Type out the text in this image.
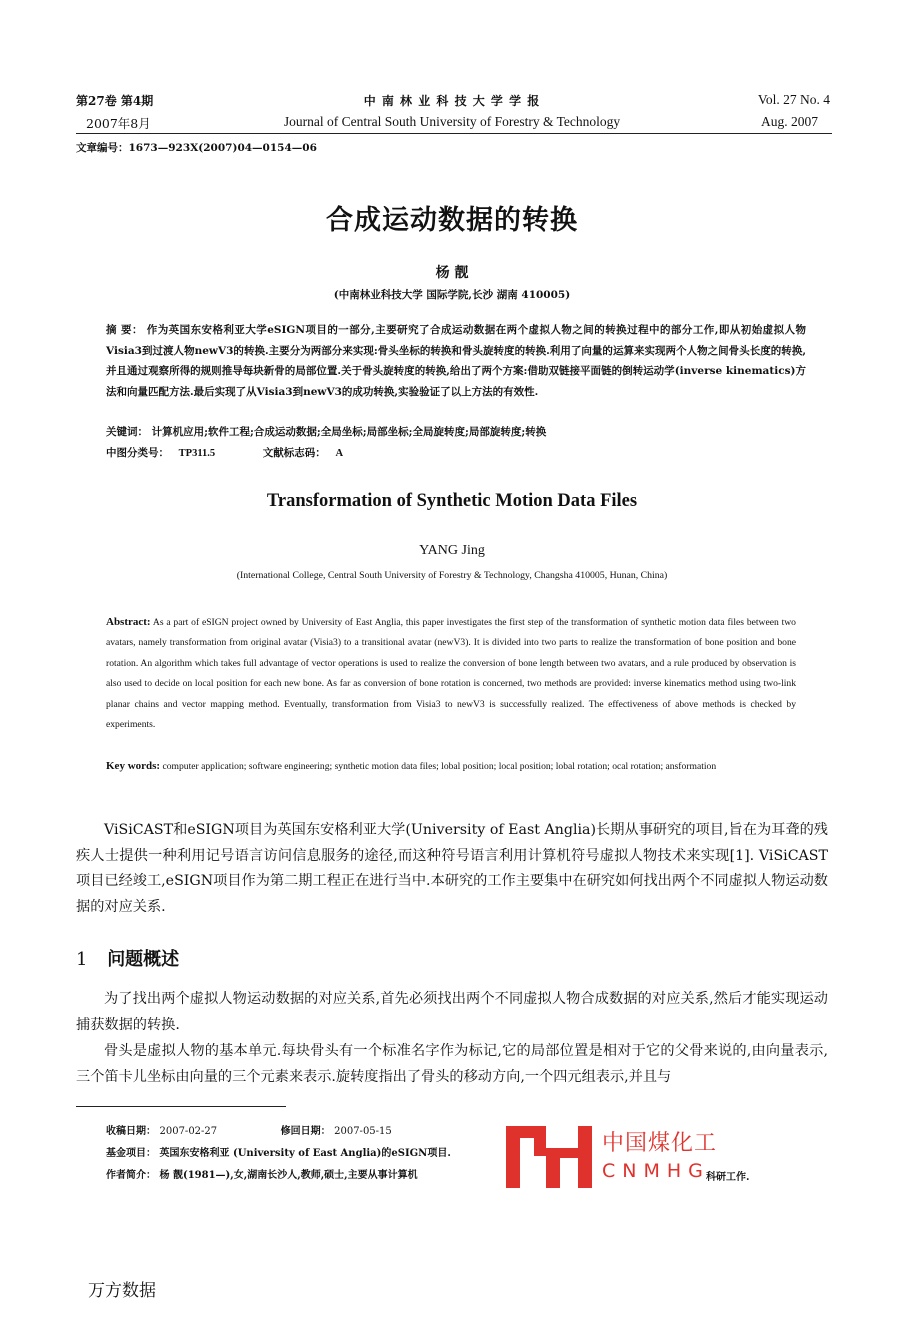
第27卷 第4期
2007年8月
中 南 林 业 科 技 大 学 学 报
Journal of Central South University of Forestry & Technology
Vol. 27 No. 4
Aug. 2007
文章编号：1673—923X(2007)04—0154—06
合成运动数据的转换
杨 靓
(中南林业科技大学 国际学院,长沙 湖南 410005)
摘 要： 作为英国东安格利亚大学eSIGN项目的一部分,主要研究了合成运动数据在两个虚拟人物之间的转换过程中的部分工作,即从初始虚拟人物Visia3到过渡人物newV3的转换.主要分为两部分来实现:骨头坐标的转换和骨头旋转度的转换.利用了向量的运算来实现两个人物之间骨头长度的转换,并且通过观察所得的规则推导每块新骨的局部位置.关于骨头旋转度的转换,给出了两个方案:借助双链接平面链的倒转运动学(inverse kinematics)方法和向量匹配方法.最后实现了从Visia3到newV3的成功转换,实验验证了以上方法的有效性.
关键词： 计算机应用;软件工程;合成运动数据;全局坐标;局部坐标;全局旋转度;局部旋转度;转换
中图分类号： TP311.5	文献标志码： A
Transformation of Synthetic Motion Data Files
YANG Jing
(International College, Central South University of Forestry & Technology, Changsha 410005, Hunan, China)
Abstract: As a part of eSIGN project owned by University of East Anglia, this paper investigates the first step of the transformation of synthetic motion data files between two avatars, namely transformation from original avatar (Visia3) to a transitional avatar (newV3). It is divided into two parts to realize the transformation of bone position and bone rotation. An algorithm which takes full advantage of vector operations is used to realize the conversion of bone length between two avatars, and a rule produced by observation is also used to decide on local position for each new bone. As far as conversion of bone rotation is concerned, two methods are provided: inverse kinematics method using two-link planar chains and vector mapping method. Eventually, transformation from Visia3 to newV3 is successfully realized. The effectiveness of above methods is checked by experiments.
Key words: computer application; software engineering; synthetic motion data files; lobal position; local position; lobal rotation; ocal rotation; ansformation
ViSiCAST和eSIGN项目为英国东安格利亚大学(University of East Anglia)长期从事研究的项目,旨在为耳聋的残疾人士提供一种利用记号语言访问信息服务的途径,而这种符号语言利用计算机符号虚拟人物技术来实现[1]. ViSiCAST项目已经竣工,eSIGN项目作为第二期工程正在进行当中.本研究的工作主要集中在研究如何找出两个不同虚拟人物运动数据的对应关系.
1 问题概述
为了找出两个虚拟人物运动数据的对应关系,首先必须找出两个不同虚拟人物合成数据的对应关系,然后才能实现运动捕获数据的转换.
骨头是虚拟人物的基本单元.每块骨头有一个标准名字作为标记,它的局部位置是相对于它的父骨来说的,由向量表示,三个笛卡儿坐标由向量的三个元素来表示.旋转度指出了骨头的移动方向,一个四元组表示,并且与
收稿日期： 2007-02-27	修回日期： 2007-05-15
基金项目： 英国东安格利亚 (University of East Anglia)的eSIGN项目.
作者简介： 杨 靓(1981—),女,湖南长沙人,教师,硕士,主要从事计算机	科研工作.
中国煤化工
CNMHG
万方数据
